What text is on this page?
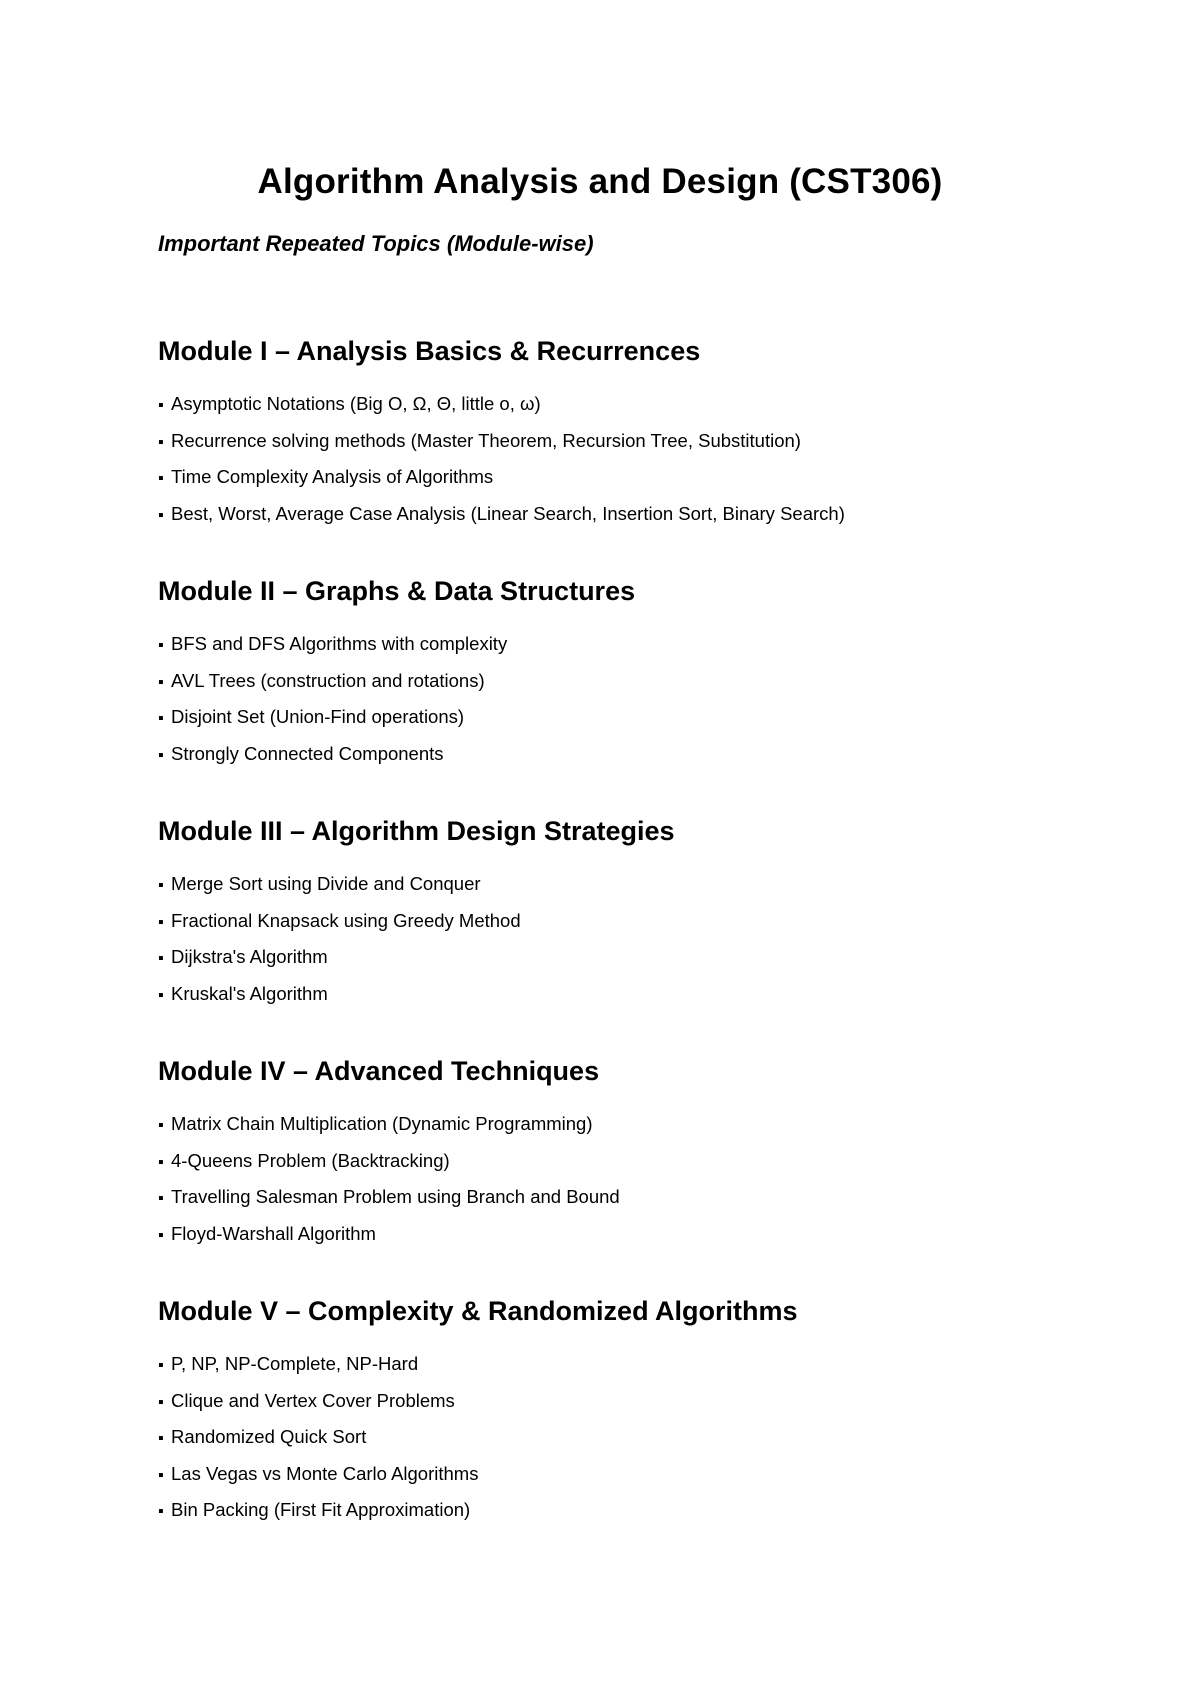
Algorithm Analysis and Design (CST306)

Important Repeated Topics (Module-wise)

Module I – Analysis Basics & Recurrences
▪ Asymptotic Notations (Big O, Ω, Θ, little o, ω)
▪ Recurrence solving methods (Master Theorem, Recursion Tree, Substitution)
▪ Time Complexity Analysis of Algorithms
▪ Best, Worst, Average Case Analysis (Linear Search, Insertion Sort, Binary Search)
Module II – Graphs & Data Structures
▪ BFS and DFS Algorithms with complexity
▪ AVL Trees (construction and rotations)
▪ Disjoint Set (Union-Find operations)
▪ Strongly Connected Components
Module III – Algorithm Design Strategies
▪ Merge Sort using Divide and Conquer
▪ Fractional Knapsack using Greedy Method
▪ Dijkstra's Algorithm
▪ Kruskal's Algorithm
Module IV – Advanced Techniques
▪ Matrix Chain Multiplication (Dynamic Programming)
▪ 4-Queens Problem (Backtracking)
▪ Travelling Salesman Problem using Branch and Bound
▪ Floyd-Warshall Algorithm
Module V – Complexity & Randomized Algorithms
▪ P, NP, NP-Complete, NP-Hard
▪ Clique and Vertex Cover Problems
▪ Randomized Quick Sort
▪ Las Vegas vs Monte Carlo Algorithms
▪ Bin Packing (First Fit Approximation)
